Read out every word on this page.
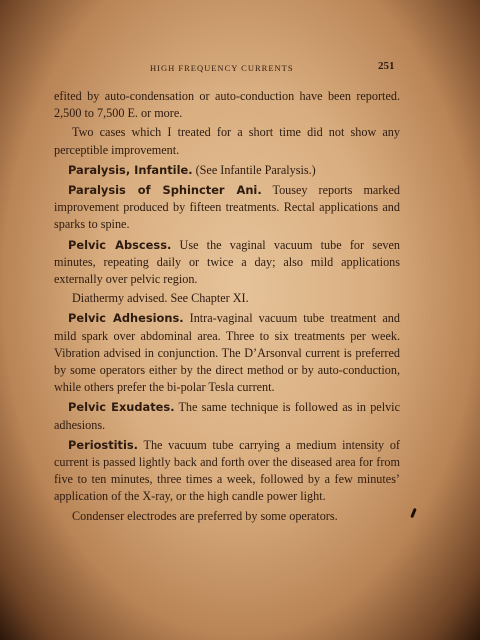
HIGH FREQUENCY CURRENTS	251

efited by auto-condensation or auto-conduction have been reported. 2,500 to 7,500 E. or more.

Two cases which I treated for a short time did not show any perceptible improvement.

Paralysis, Infantile. (See Infantile Paralysis.)

Paralysis of Sphincter Ani. Tousey reports marked improvement produced by fifteen treatments. Rectal applications and sparks to spine.

Pelvic Abscess. Use the vaginal vacuum tube for seven minutes, repeating daily or twice a day; also mild applications externally over pelvic region.

Diathermy advised. See Chapter XI.

Pelvic Adhesions. Intra-vaginal vacuum tube treatment and mild spark over abdominal area. Three to six treatments per week. Vibration advised in conjunction. The D’Arsonval current is preferred by some operators either by the direct method or by auto-conduction, while others prefer the bi-polar Tesla current.

Pelvic Exudates. The same technique is followed as in pelvic adhesions.

Periostitis. The vacuum tube carrying a medium intensity of current is passed lightly back and forth over the diseased area for from five to ten minutes, three times a week, followed by a few minutes’ application of the X-ray, or the high candle power light.

Condenser electrodes are preferred by some operators.
